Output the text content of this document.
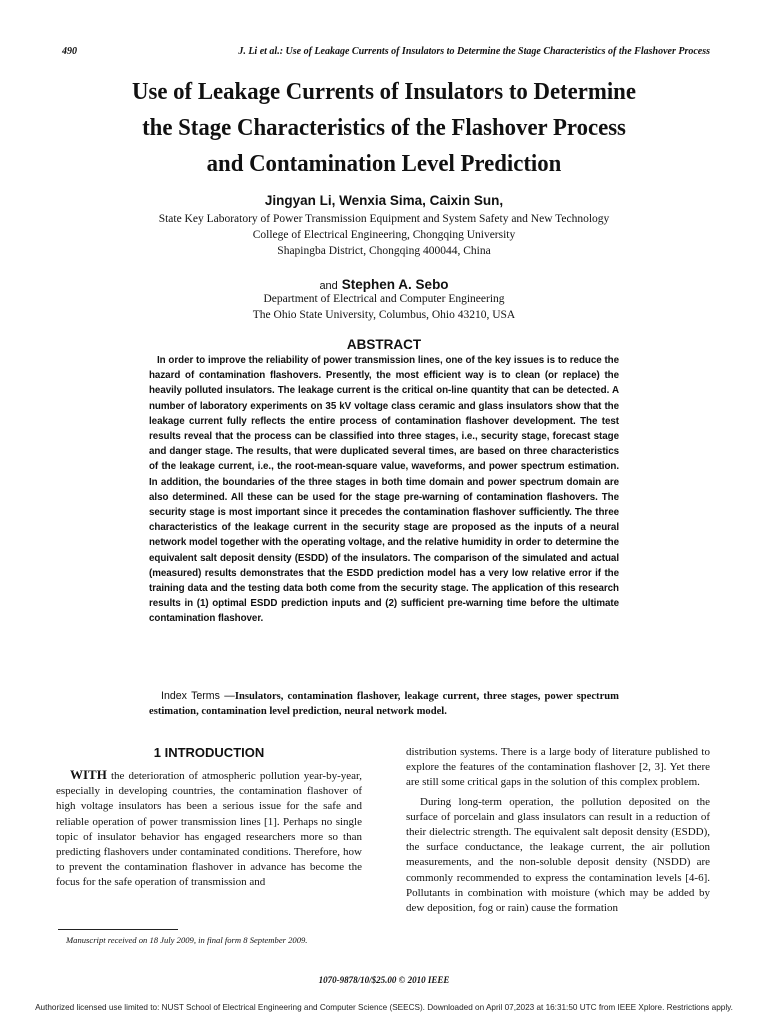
490	J. Li et al.: Use of Leakage Currents of Insulators to Determine the Stage Characteristics of the Flashover Process
Use of Leakage Currents of Insulators to Determine
the Stage Characteristics of the Flashover Process
and Contamination Level Prediction
Jingyan Li, Wenxia Sima, Caixin Sun,
State Key Laboratory of Power Transmission Equipment and System Safety and New Technology
College of Electrical Engineering, Chongqing University
Shapingba District, Chongqing 400044, China
and Stephen A. Sebo
Department of Electrical and Computer Engineering
The Ohio State University, Columbus, Ohio 43210, USA
ABSTRACT
In order to improve the reliability of power transmission lines, one of the key issues is to reduce the hazard of contamination flashovers. Presently, the most efficient way is to clean (or replace) the heavily polluted insulators. The leakage current is the critical on-line quantity that can be detected. A number of laboratory experiments on 35 kV voltage class ceramic and glass insulators show that the leakage current fully reflects the entire process of contamination flashover development. The test results reveal that the process can be classified into three stages, i.e., security stage, forecast stage and danger stage. The results, that were duplicated several times, are based on three characteristics of the leakage current, i.e., the root-mean-square value, waveforms, and power spectrum estimation. In addition, the boundaries of the three stages in both time domain and power spectrum domain are also determined. All these can be used for the stage pre-warning of contamination flashovers. The security stage is most important since it precedes the contamination flashover sufficiently. The three characteristics of the leakage current in the security stage are proposed as the inputs of a neural network model together with the operating voltage, and the relative humidity in order to determine the equivalent salt deposit density (ESDD) of the insulators. The comparison of the simulated and actual (measured) results demonstrates that the ESDD prediction model has a very low relative error if the training data and the testing data both come from the security stage. The application of this research results in (1) optimal ESDD prediction inputs and (2) sufficient pre-warning time before the ultimate contamination flashover.
Index Terms —Insulators, contamination flashover, leakage current, three stages, power spectrum estimation, contamination level prediction, neural network model.
1 INTRODUCTION

WITH the deterioration of atmospheric pollution year-by-year, especially in developing countries, the contamination flashover of high voltage insulators has been a serious issue for the safe and reliable operation of power transmission lines [1]. Perhaps no single topic of insulator behavior has engaged researchers more so than predicting flashovers under contaminated conditions. Therefore, how to prevent the contamination flashover in advance has become the focus for the safe operation of transmission and

distribution systems. There is a large body of literature published to explore the features of the contamination flashover [2, 3]. Yet there are still some critical gaps in the solution of this complex problem.

During long-term operation, the pollution deposited on the surface of porcelain and glass insulators can result in a reduction of their dielectric strength. The equivalent salt deposit density (ESDD), the surface conductance, the leakage current, the air pollution measurements, and the non-soluble deposit density (NSDD) are commonly recommended to express the contamination levels [4-6]. Pollutants in combination with moisture (which may be added by dew deposition, fog or rain) cause the formation

Manuscript received on 18 July 2009, in final form 8 September 2009.
1070-9878/10/$25.00 © 2010 IEEE
Authorized licensed use limited to: NUST School of Electrical Engineering and Computer Science (SEECS). Downloaded on April 07,2023 at 16:31:50 UTC from IEEE Xplore. Restrictions apply.
